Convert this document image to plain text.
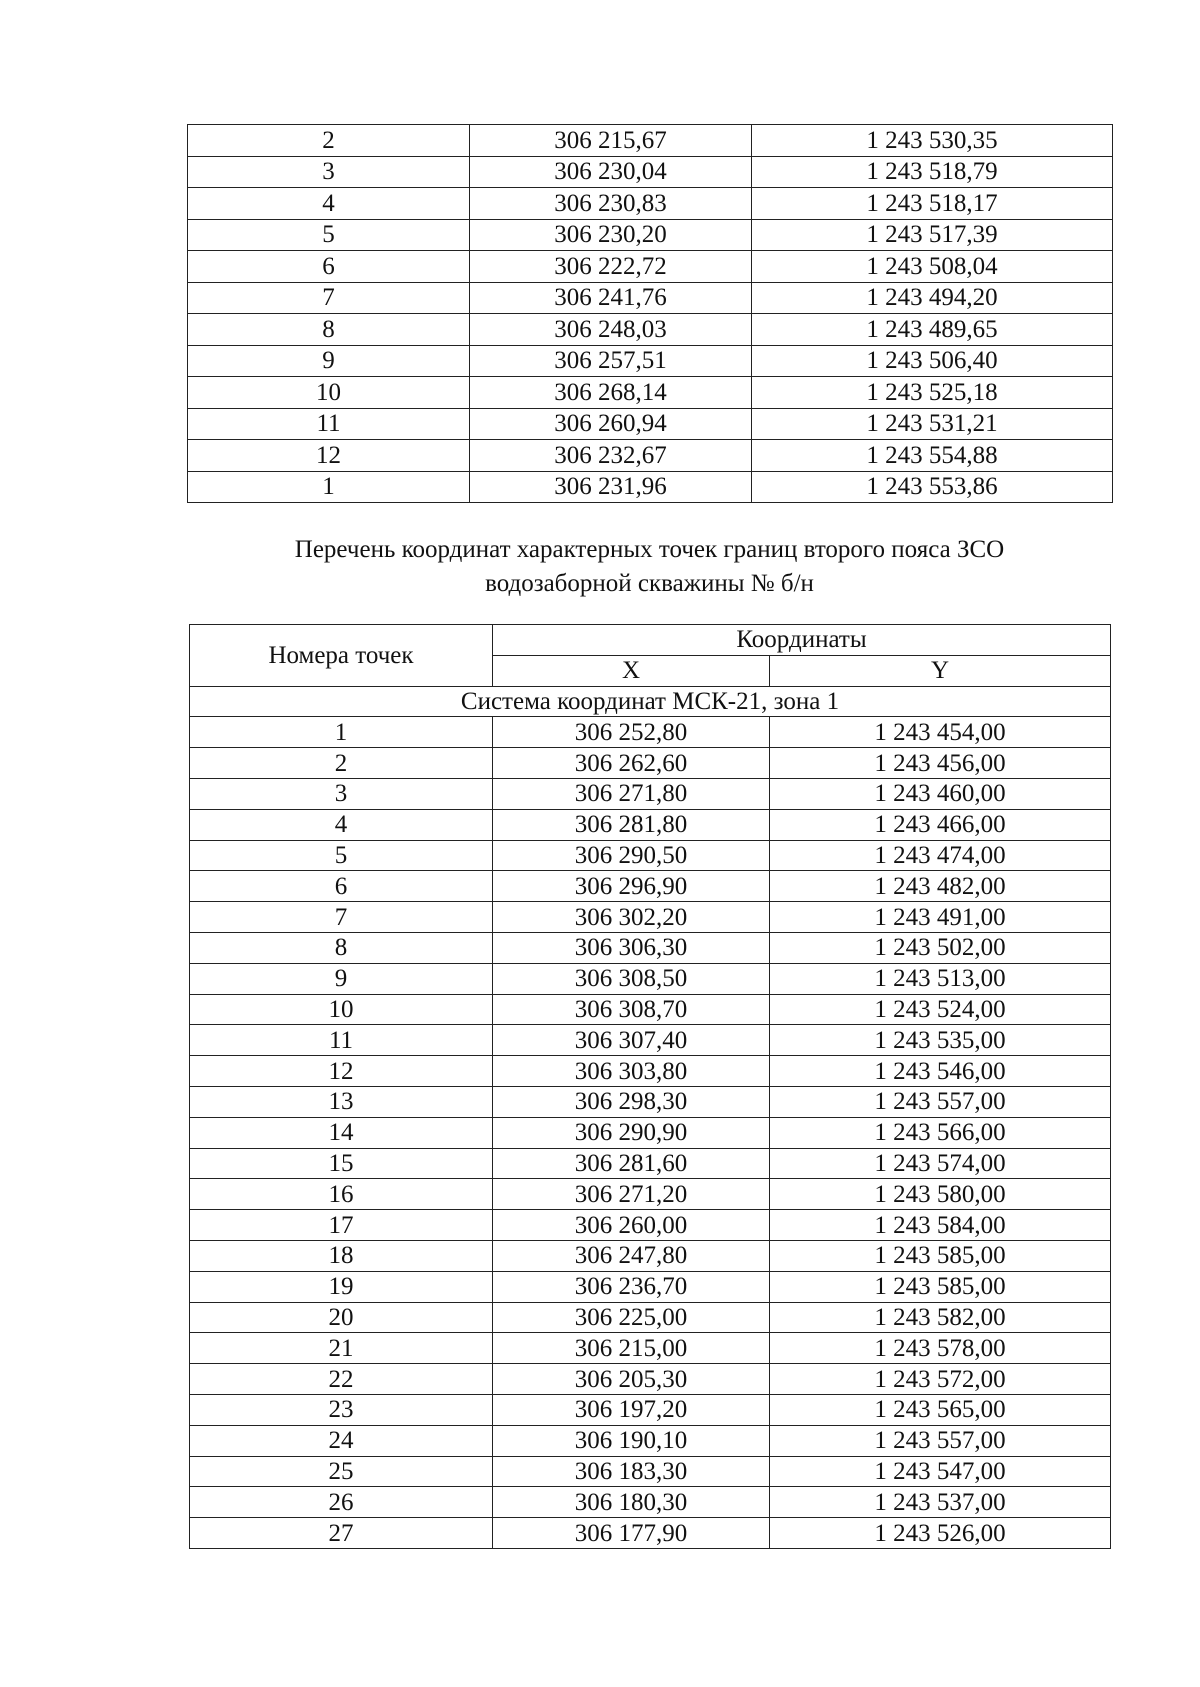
2	306 215,67	1 243 530,35
3	306 230,04	1 243 518,79
4	306 230,83	1 243 518,17
5	306 230,20	1 243 517,39
6	306 222,72	1 243 508,04
7	306 241,76	1 243 494,20
8	306 248,03	1 243 489,65
9	306 257,51	1 243 506,40
10	306 268,14	1 243 525,18
11	306 260,94	1 243 531,21
12	306 232,67	1 243 554,88
1	306 231,96	1 243 553,86
Перечень координат характерных точек границ второго пояса ЗСО
водозаборной скважины № б/н
Номера точек	Координаты	
	X	Y
Система координат МСК-21, зона 1		
1	306 252,80	1 243 454,00
2	306 262,60	1 243 456,00
3	306 271,80	1 243 460,00
4	306 281,80	1 243 466,00
5	306 290,50	1 243 474,00
6	306 296,90	1 243 482,00
7	306 302,20	1 243 491,00
8	306 306,30	1 243 502,00
9	306 308,50	1 243 513,00
10	306 308,70	1 243 524,00
11	306 307,40	1 243 535,00
12	306 303,80	1 243 546,00
13	306 298,30	1 243 557,00
14	306 290,90	1 243 566,00
15	306 281,60	1 243 574,00
16	306 271,20	1 243 580,00
17	306 260,00	1 243 584,00
18	306 247,80	1 243 585,00
19	306 236,70	1 243 585,00
20	306 225,00	1 243 582,00
21	306 215,00	1 243 578,00
22	306 205,30	1 243 572,00
23	306 197,20	1 243 565,00
24	306 190,10	1 243 557,00
25	306 183,30	1 243 547,00
26	306 180,30	1 243 537,00
27	306 177,90	1 243 526,00
